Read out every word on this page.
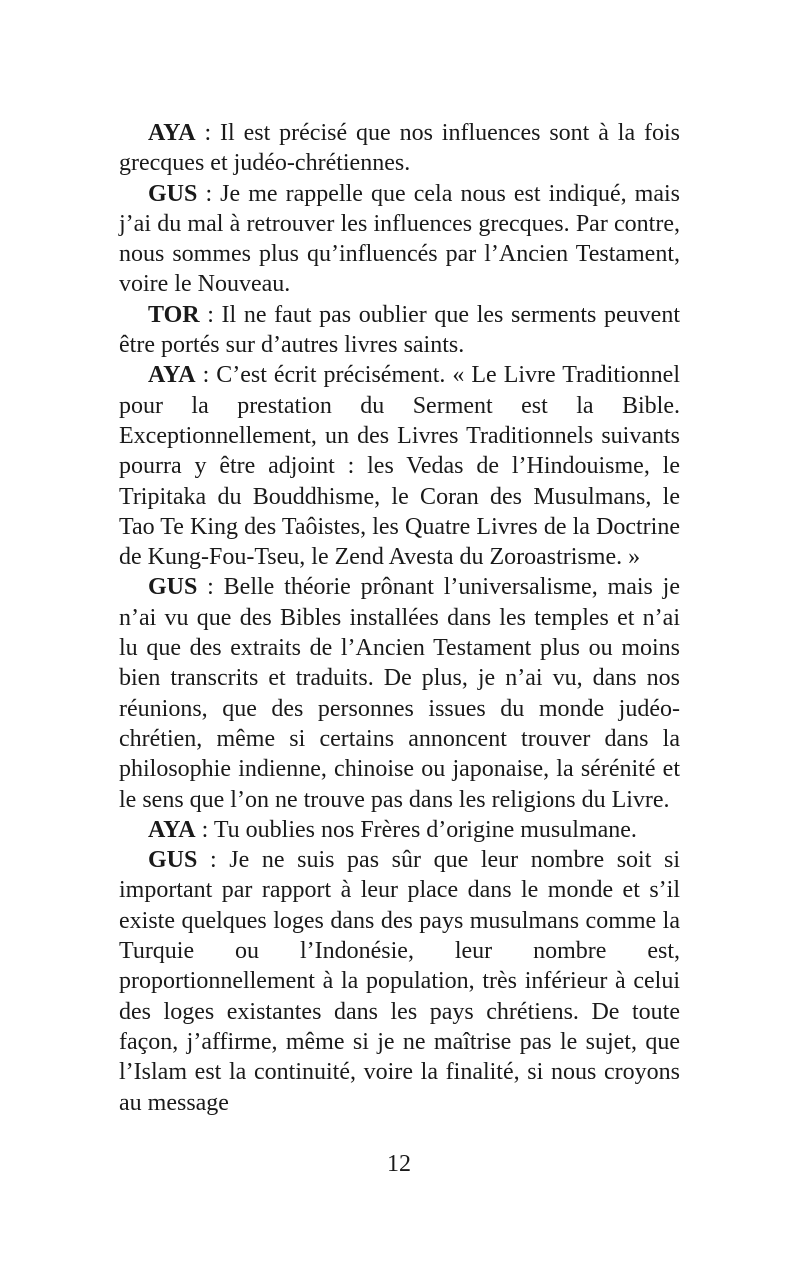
AYA : Il est précisé que nos influences sont à la fois grecques et judéo-chrétiennes.

GUS : Je me rappelle que cela nous est indiqué, mais j’ai du mal à retrouver les influences grecques. Par contre, nous sommes plus qu’influencés par l’Ancien Testament, voire le Nouveau.

TOR : Il ne faut pas oublier que les serments peuvent être portés sur d’autres livres saints.

AYA : C’est écrit précisément. « Le Livre Traditionnel pour la prestation du Serment est la Bible. Exceptionnellement, un des Livres Traditionnels suivants pourra y être adjoint : les Vedas de l’Hindouisme, le Tripitaka du Bouddhisme, le Coran des Musulmans, le Tao Te King des Taôistes, les Quatre Livres de la Doctrine de Kung-Fou-Tseu, le Zend Avesta du Zoroastrisme. »

GUS : Belle théorie prônant l’universalisme, mais je n’ai vu que des Bibles installées dans les temples et n’ai lu que des extraits de l’Ancien Testament plus ou moins bien transcrits et traduits. De plus, je n’ai vu, dans nos réunions, que des personnes issues du monde judéo-chrétien, même si certains annoncent trouver dans la philosophie indienne, chinoise ou japonaise, la sérénité et le sens que l’on ne trouve pas dans les religions du Livre.

AYA : Tu oublies nos Frères d’origine musulmane.

GUS : Je ne suis pas sûr que leur nombre soit si important par rapport à leur place dans le monde et s’il existe quelques loges dans des pays musulmans comme la Turquie ou l’Indonésie, leur nombre est, proportionnellement à la population, très inférieur à celui des loges existantes dans les pays chrétiens. De toute façon, j’affirme, même si je ne maîtrise pas le sujet, que l’Islam est la continuité, voire la finalité, si nous croyons au message

12
